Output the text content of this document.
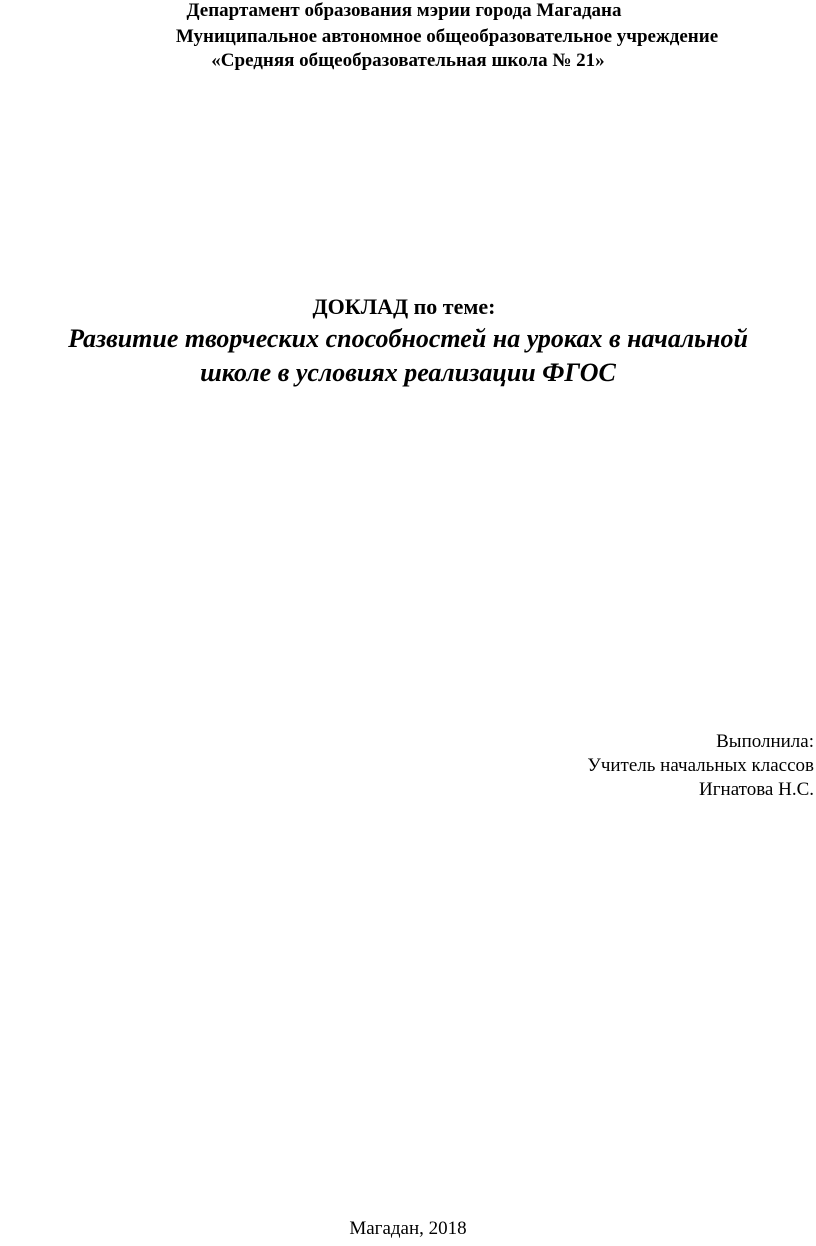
Департамент образования мэрии города Магадана
Муниципальное автономное общеобразовательное учреждение
«Средняя общеобразовательная школа № 21»
ДОКЛАД по теме:
Развитие творческих способностей на уроках в начальной
школе в условиях реализации ФГОС
Выполнила:
Учитель начальных классов
Игнатова Н.С.
Магадан, 2018
